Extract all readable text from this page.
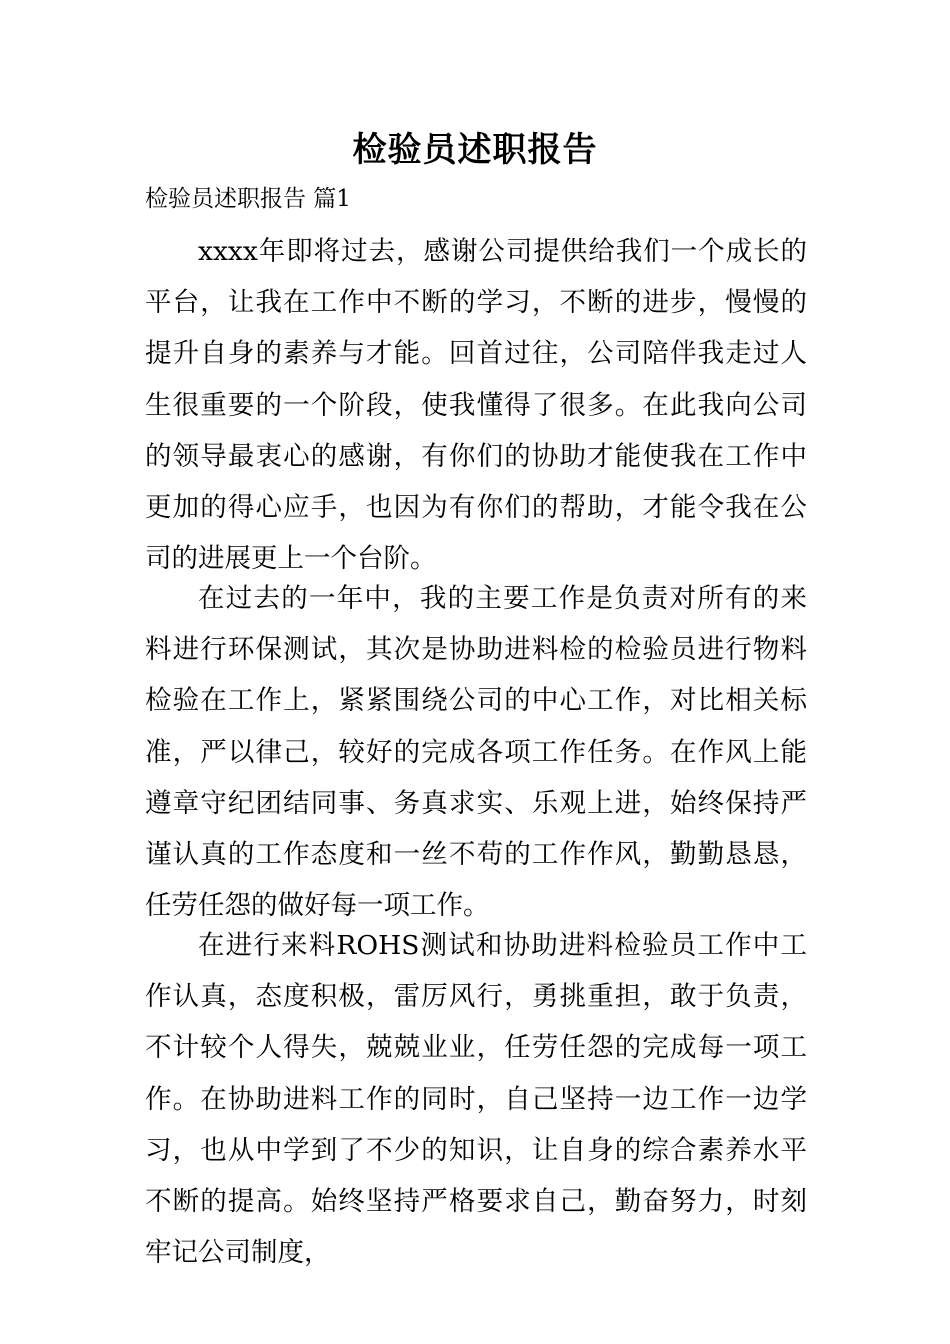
检验员述职报告
检验员述职报告 篇1

xxxx年即将过去，感谢公司提供给我们一个成长的平台，让我在工作中不断的学习，不断的进步，慢慢的提升自身的素养与才能。回首过往，公司陪伴我走过人生很重要的一个阶段，使我懂得了很多。在此我向公司的领导最衷心的感谢，有你们的协助才能使我在工作中更加的得心应手，也因为有你们的帮助，才能令我在公司的进展更上一个台阶。

在过去的一年中，我的主要工作是负责对所有的来料进行环保测试，其次是协助进料检的检验员进行物料检验在工作上，紧紧围绕公司的中心工作，对比相关标准，严以律己，较好的完成各项工作任务。在作风上能遵章守纪团结同事、务真求实、乐观上进，始终保持严谨认真的工作态度和一丝不苟的工作作风，勤勤恳恳，任劳任怨的做好每一项工作。

在进行来料ROHS测试和协助进料检验员工作中工作认真，态度积极，雷厉风行，勇挑重担，敢于负责，不计较个人得失，兢兢业业，任劳任怨的完成每一项工作。在协助进料工作的同时，自己坚持一边工作一边学习，也从中学到了不少的知识，让自身的综合素养水平不断的提高。始终坚持严格要求自己，勤奋努力，时刻牢记公司制度，
